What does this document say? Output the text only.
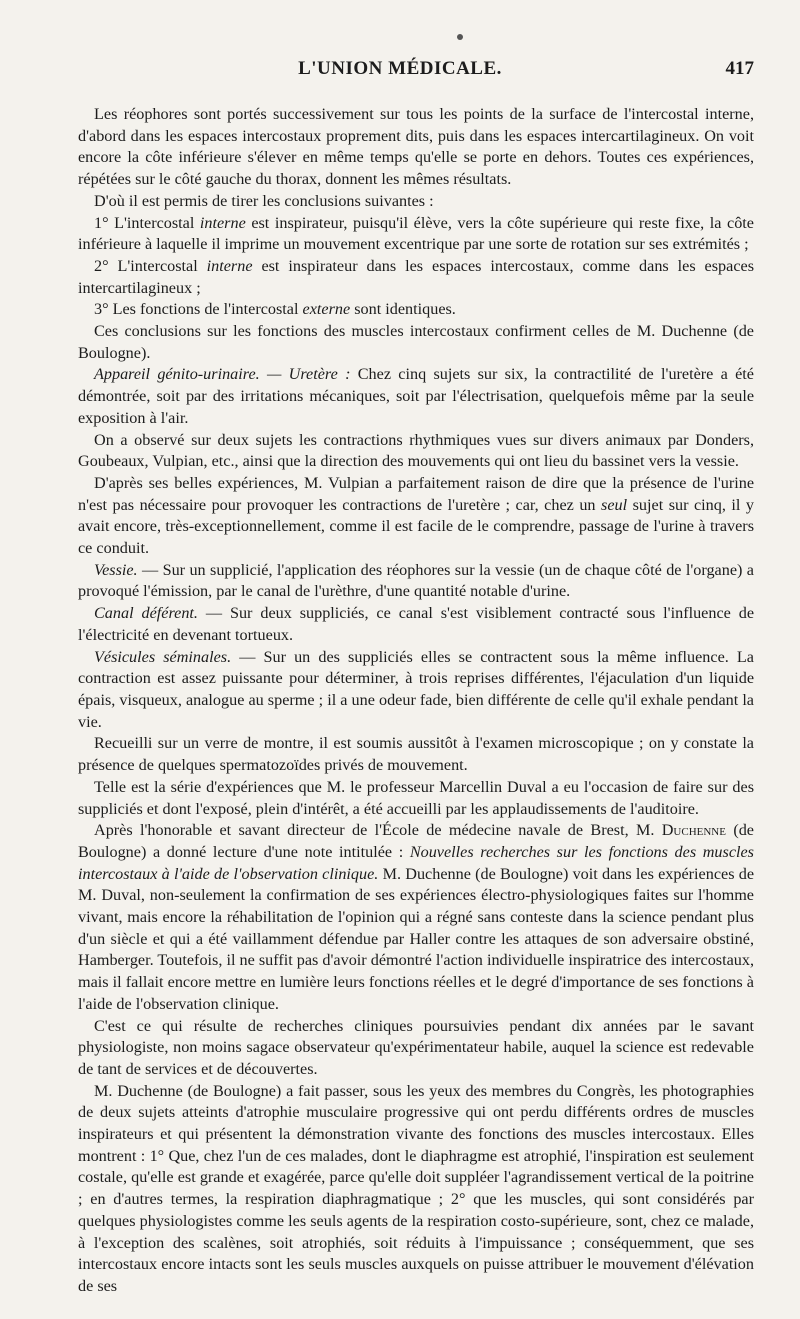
L'UNION MÉDICALE.	417

Les réophores sont portés successivement sur tous les points de la surface de l'intercostal interne, d'abord dans les espaces intercostaux proprement dits, puis dans les espaces intercartilagineux. On voit encore la côte inférieure s'élever en même temps qu'elle se porte en dehors. Toutes ces expériences, répétées sur le côté gauche du thorax, donnent les mêmes résultats.

D'où il est permis de tirer les conclusions suivantes :

1° L'intercostal interne est inspirateur, puisqu'il élève, vers la côte supérieure qui reste fixe, la côte inférieure à laquelle il imprime un mouvement excentrique par une sorte de rotation sur ses extrémités ;

2° L'intercostal interne est inspirateur dans les espaces intercostaux, comme dans les espaces intercartilagineux ;

3° Les fonctions de l'intercostal externe sont identiques.

Ces conclusions sur les fonctions des muscles intercostaux confirment celles de M. Duchenne (de Boulogne).

Appareil génito-urinaire. — Uretère : Chez cinq sujets sur six, la contractilité de l'uretère a été démontrée, soit par des irritations mécaniques, soit par l'électrisation, quelquefois même par la seule exposition à l'air.

On a observé sur deux sujets les contractions rhythmiques vues sur divers animaux par Donders, Goubeaux, Vulpian, etc., ainsi que la direction des mouvements qui ont lieu du bassinet vers la vessie.

D'après ses belles expériences, M. Vulpian a parfaitement raison de dire que la présence de l'urine n'est pas nécessaire pour provoquer les contractions de l'uretère ; car, chez un seul sujet sur cinq, il y avait encore, très-exceptionnellement, comme il est facile de le comprendre, passage de l'urine à travers ce conduit.

Vessie. — Sur un supplicié, l'application des réophores sur la vessie (un de chaque côté de l'organe) a provoqué l'émission, par le canal de l'urèthre, d'une quantité notable d'urine.

Canal déférent. — Sur deux suppliciés, ce canal s'est visiblement contracté sous l'influence de l'électricité en devenant tortueux.

Vésicules séminales. — Sur un des suppliciés elles se contractent sous la même influence. La contraction est assez puissante pour déterminer, à trois reprises différentes, l'éjaculation d'un liquide épais, visqueux, analogue au sperme ; il a une odeur fade, bien différente de celle qu'il exhale pendant la vie.

Recueilli sur un verre de montre, il est soumis aussitôt à l'examen microscopique ; on y constate la présence de quelques spermatozoïdes privés de mouvement.

Telle est la série d'expériences que M. le professeur Marcellin Duval a eu l'occasion de faire sur des suppliciés et dont l'exposé, plein d'intérêt, a été accueilli par les applaudissements de l'auditoire.

Après l'honorable et savant directeur de l'École de médecine navale de Brest, M. Duchenne (de Boulogne) a donné lecture d'une note intitulée : Nouvelles recherches sur les fonctions des muscles intercostaux à l'aide de l'observation clinique. M. Duchenne (de Boulogne) voit dans les expériences de M. Duval, non-seulement la confirmation de ses expériences électro-physiologiques faites sur l'homme vivant, mais encore la réhabilitation de l'opinion qui a régné sans conteste dans la science pendant plus d'un siècle et qui a été vaillamment défendue par Haller contre les attaques de son adversaire obstiné, Hamberger. Toutefois, il ne suffit pas d'avoir démontré l'action individuelle inspiratrice des intercostaux, mais il fallait encore mettre en lumière leurs fonctions réelles et le degré d'importance de ses fonctions à l'aide de l'observation clinique.

C'est ce qui résulte de recherches cliniques poursuivies pendant dix années par le savant physiologiste, non moins sagace observateur qu'expérimentateur habile, auquel la science est redevable de tant de services et de découvertes.

M. Duchenne (de Boulogne) a fait passer, sous les yeux des membres du Congrès, les photographies de deux sujets atteints d'atrophie musculaire progressive qui ont perdu différents ordres de muscles inspirateurs et qui présentent la démonstration vivante des fonctions des muscles intercostaux. Elles montrent : 1° Que, chez l'un de ces malades, dont le diaphragme est atrophié, l'inspiration est seulement costale, qu'elle est grande et exagérée, parce qu'elle doit suppléer l'agrandissement vertical de la poitrine ; en d'autres termes, la respiration diaphragmatique ; 2° que les muscles, qui sont considérés par quelques physiologistes comme les seuls agents de la respiration costo-supérieure, sont, chez ce malade, à l'exception des scalènes, soit atrophiés, soit réduits à l'impuissance ; conséquemment, que ses intercostaux encore intacts sont les seuls muscles auxquels on puisse attribuer le mouvement d'élévation de ses
